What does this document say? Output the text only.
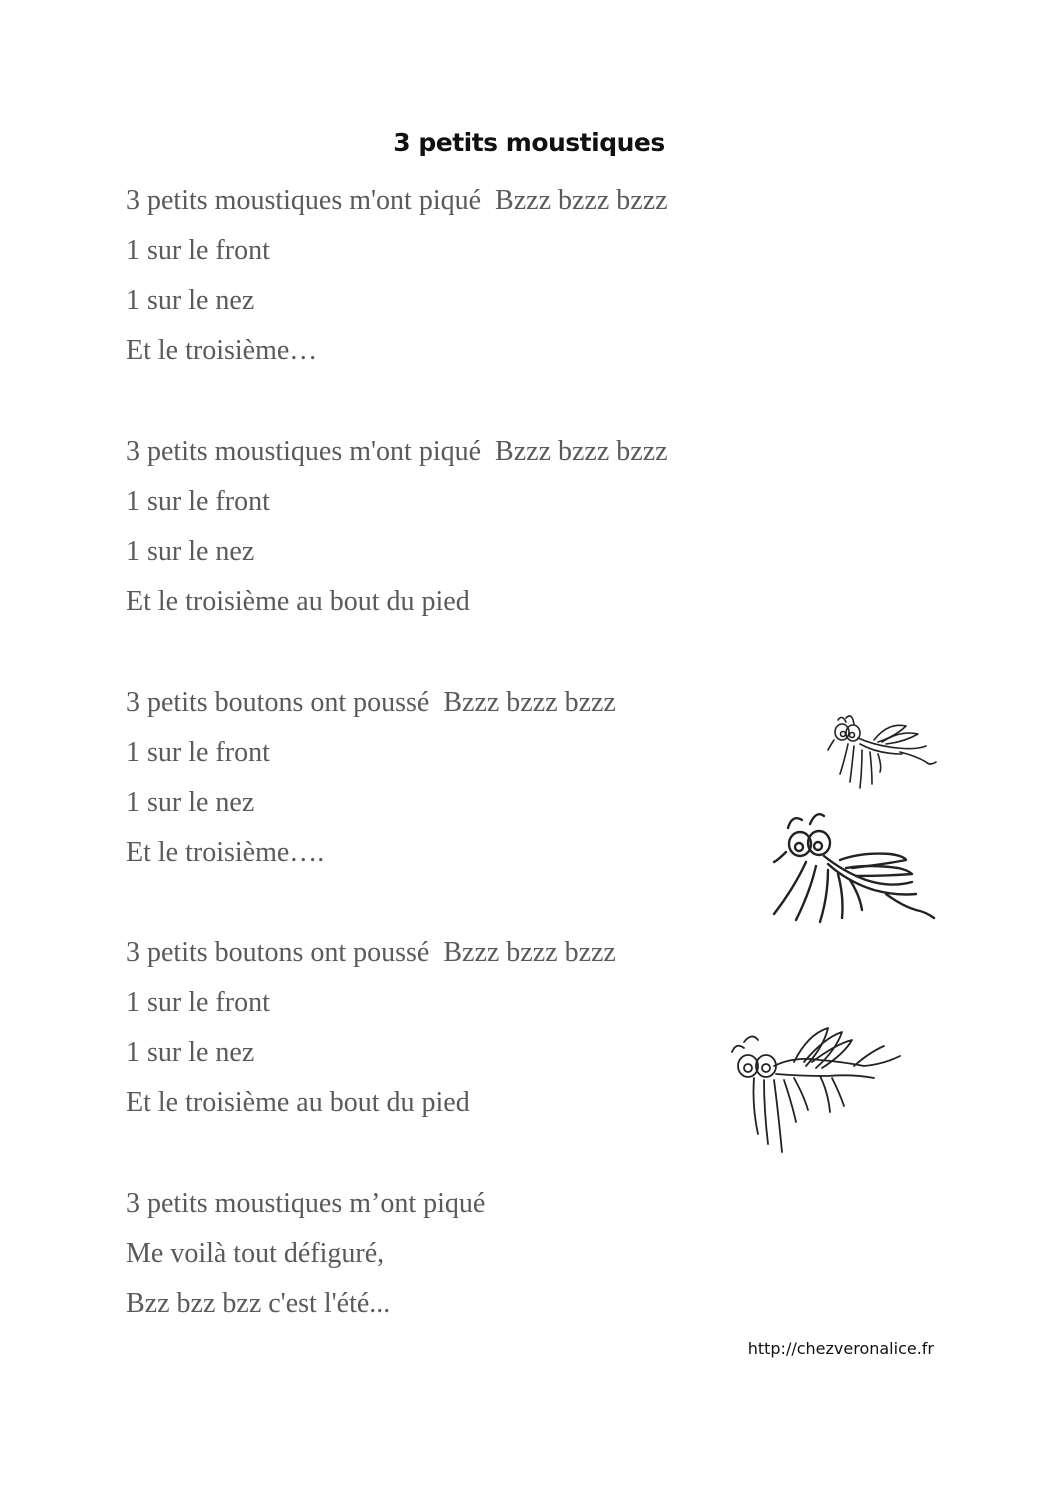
3 petits moustiques
3 petits moustiques m'ont piqué  Bzzz bzzz bzzz
1 sur le front
1 sur le nez
Et le troisième…
3 petits moustiques m'ont piqué  Bzzz bzzz bzzz
1 sur le front
1 sur le nez
Et le troisième au bout du pied
3 petits boutons ont poussé  Bzzz bzzz bzzz
1 sur le front
1 sur le nez
Et le troisième….
3 petits boutons ont poussé  Bzzz bzzz bzzz
1 sur le front
1 sur le nez
Et le troisième au bout du pied
3 petits moustiques m’ont piqué
Me voilà tout défiguré,
Bzz bzz bzz c'est l'été...
http://chezveronalice.fr
